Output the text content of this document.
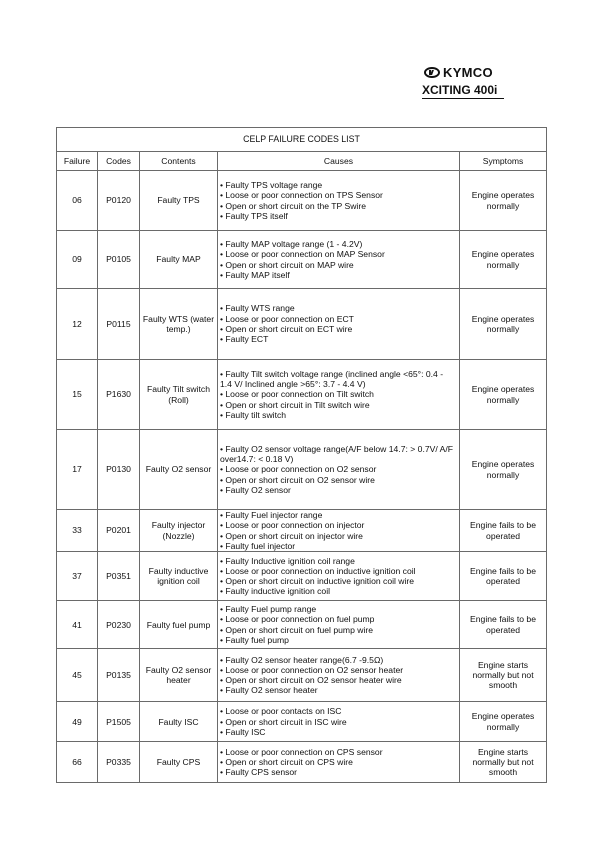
KYMCO
XCITING 400i
CELP FAILURE CODES LIST				
Failure	Codes	Contents	Causes	Symptoms
06	P0120	Faulty TPS	• Faulty TPS voltage range
• Loose or poor connection on TPS Sensor
• Open or short circuit on the TP Swire
• Faulty TPS itself	Engine operates normally
09	P0105	Faulty MAP	• Faulty MAP voltage range (1 - 4.2V)
• Loose or poor connection on MAP Sensor
• Open or short circuit on MAP wire
• Faulty MAP itself	Engine operates normally
12	P0115	Faulty WTS (water temp.)	• Faulty WTS range
• Loose or poor connection on ECT
• Open or short circuit on ECT wire
• Faulty ECT	Engine operates normally
15	P1630	Faulty Tilt switch (Roll)	• Faulty Tilt switch voltage range (inclined angle <65°: 0.4 - 1.4 V/ Inclined angle >65°: 3.7 - 4.4 V)
• Loose or poor connection on Tilt switch
• Open or short circuit in Tilt switch wire
• Faulty tilt switch	Engine operates normally
17	P0130	Faulty O2 sensor	• Faulty O2 sensor voltage range(A/F below 14.7: > 0.7V/ A/F over14.7: < 0.18 V)
• Loose or poor connection on O2 sensor
• Open or short circuit on O2 sensor wire
• Faulty O2 sensor	Engine operates normally
33	P0201	Faulty injector (Nozzle)	• Faulty Fuel injector range
• Loose or poor connection on injector
• Open or short circuit on injector wire
• Faulty fuel injector	Engine fails to be operated
37	P0351	Faulty inductive ignition coil	• Faulty Inductive ignition coil range
• Loose or poor connection on inductive ignition coil
• Open or short circuit on inductive ignition coil wire
• Faulty inductive ignition coil	Engine fails to be operated
41	P0230	Faulty fuel pump	• Faulty Fuel pump range
• Loose or poor connection on fuel pump
• Open or short circuit on fuel pump wire
• Faulty fuel pump	Engine fails to be operated
45	P0135	Faulty O2 sensor heater	• Faulty O2 sensor heater range(6.7 -9.5Ω)
• Loose or poor connection on O2 sensor heater
• Open or short circuit on O2 sensor heater wire
• Faulty O2 sensor heater	Engine starts normally but not smooth
49	P1505	Faulty ISC	• Loose or poor contacts on ISC
• Open or short circuit in ISC wire
• Faulty ISC	Engine operates normally
66	P0335	Faulty CPS	• Loose or poor connection on CPS sensor
• Open or short circuit on CPS wire
• Faulty CPS sensor	Engine starts normally but not smooth
